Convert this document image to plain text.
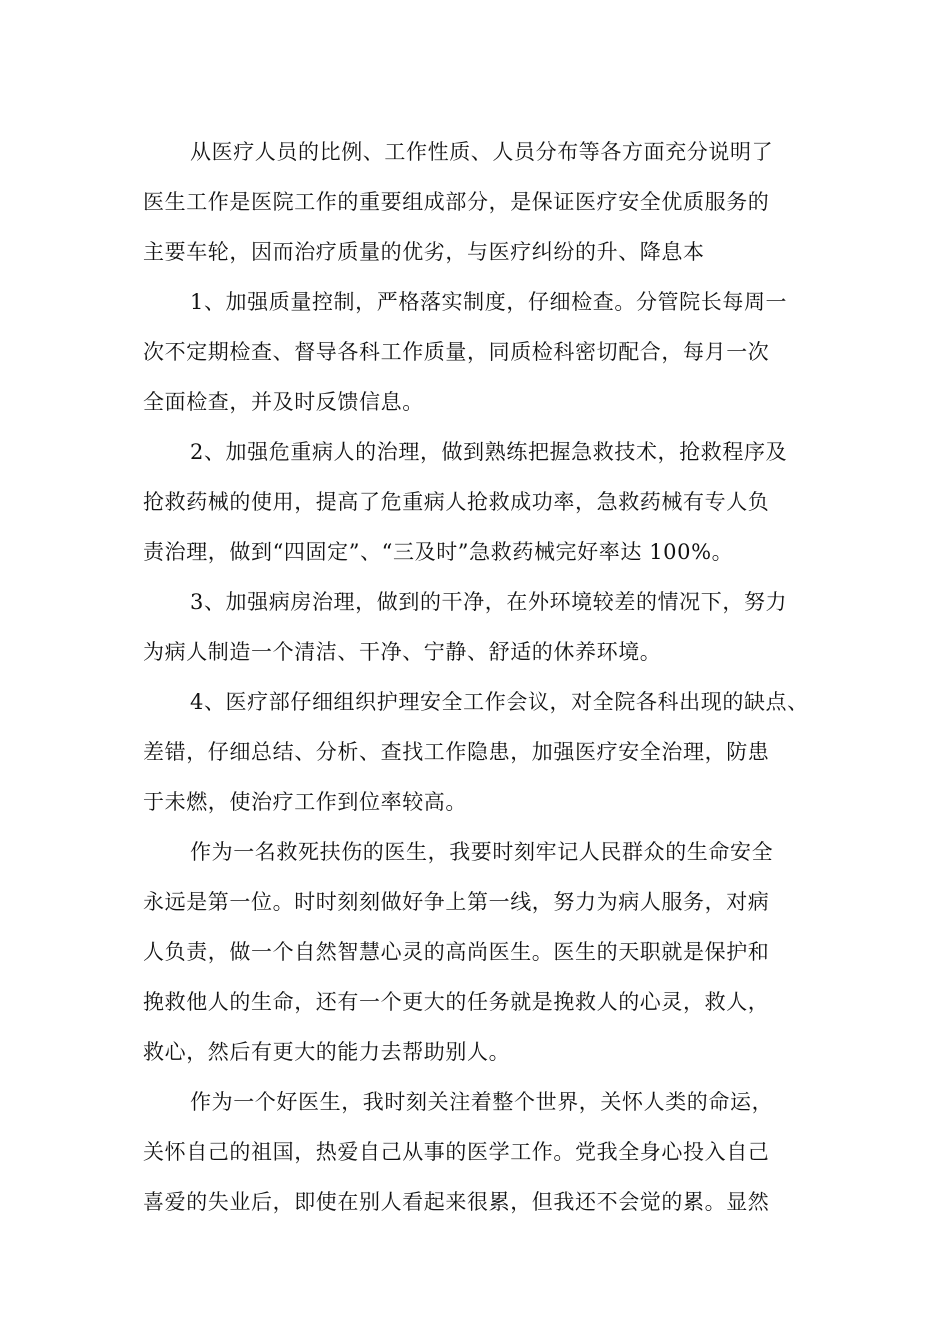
从医疗人员的比例、工作性质、人员分布等各方面充分说明了
医生工作是医院工作的重要组成部分，是保证医疗安全优质服务的
主要车轮，因而治疗质量的优劣，与医疗纠纷的升、降息本
1、加强质量控制，严格落实制度，仔细检查。分管院长每周一
次不定期检查、督导各科工作质量，同质检科密切配合，每月一次
全面检查，并及时反馈信息。
2、加强危重病人的治理，做到熟练把握急救技术，抢救程序及
抢救药械的使用，提高了危重病人抢救成功率，急救药械有专人负
责治理，做到“四固定”、“三及时”急救药械完好率达 100%。
3、加强病房治理，做到的干净，在外环境较差的情况下，努力
为病人制造一个清洁、干净、宁静、舒适的休养环境。
4、医疗部仔细组织护理安全工作会议，对全院各科出现的缺点、
差错，仔细总结、分析、查找工作隐患，加强医疗安全治理，防患
于未燃，使治疗工作到位率较高。
作为一名救死扶伤的医生，我要时刻牢记人民群众的生命安全
永远是第一位。时时刻刻做好争上第一线，努力为病人服务，对病
人负责，做一个自然智慧心灵的高尚医生。医生的天职就是保护和
挽救他人的生命，还有一个更大的任务就是挽救人的心灵，救人，
救心，然后有更大的能力去帮助别人。
作为一个好医生，我时刻关注着整个世界，关怀人类的命运，
关怀自己的祖国，热爱自己从事的医学工作。党我全身心投入自己
喜爱的失业后，即使在别人看起来很累，但我还不会觉的累。显然
